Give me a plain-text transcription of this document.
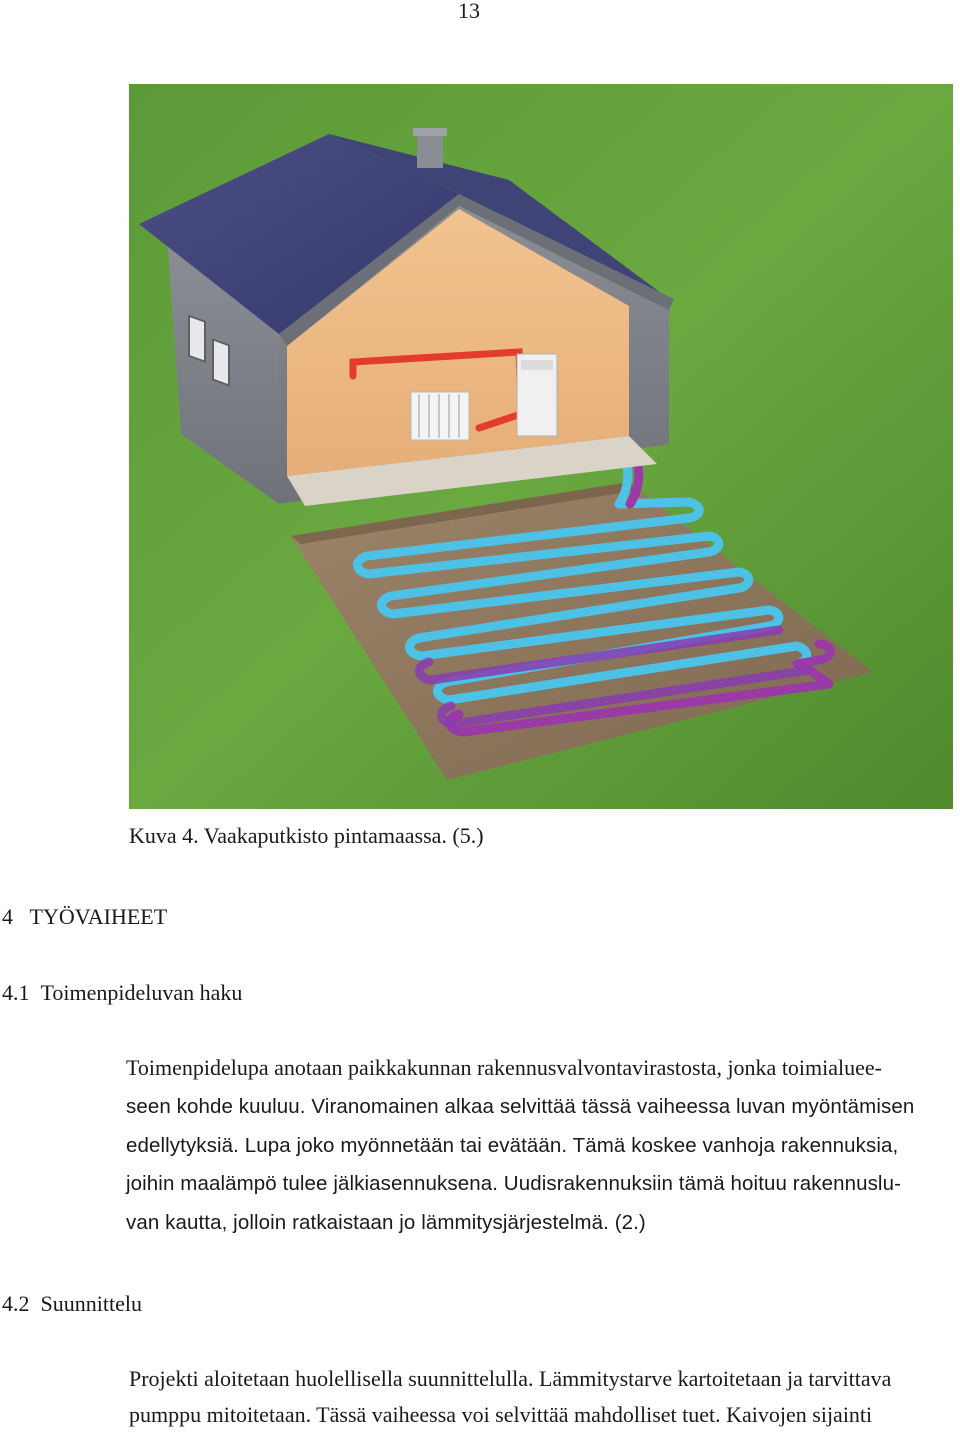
13
Kuva 4. Vaakaputkisto pintamaassa. (5.)
4 TYÖVAIHEET
4.1 Toimenpideluvan haku
Toimenpidelupa anotaan paikkakunnan rakennusvalvontavirastosta, jonka toimialuee-
seen kohde kuuluu. Viranomainen alkaa selvittää tässä vaiheessa luvan myöntämisen
edellytyksiä. Lupa joko myönnetään tai evätään. Tämä koskee vanhoja rakennuksia,
joihin maalämpö tulee jälkiasennuksena. Uudisrakennuksiin tämä hoituu rakennuslu-
van kautta, jolloin ratkaistaan jo lämmitysjärjestelmä. (2.)
4.2 Suunnittelu
Projekti aloitetaan huolellisella suunnittelulla. Lämmitystarve kartoitetaan ja tarvittava
pumppu mitoitetaan. Tässä vaiheessa voi selvittää mahdolliset tuet. Kaivojen sijainti
